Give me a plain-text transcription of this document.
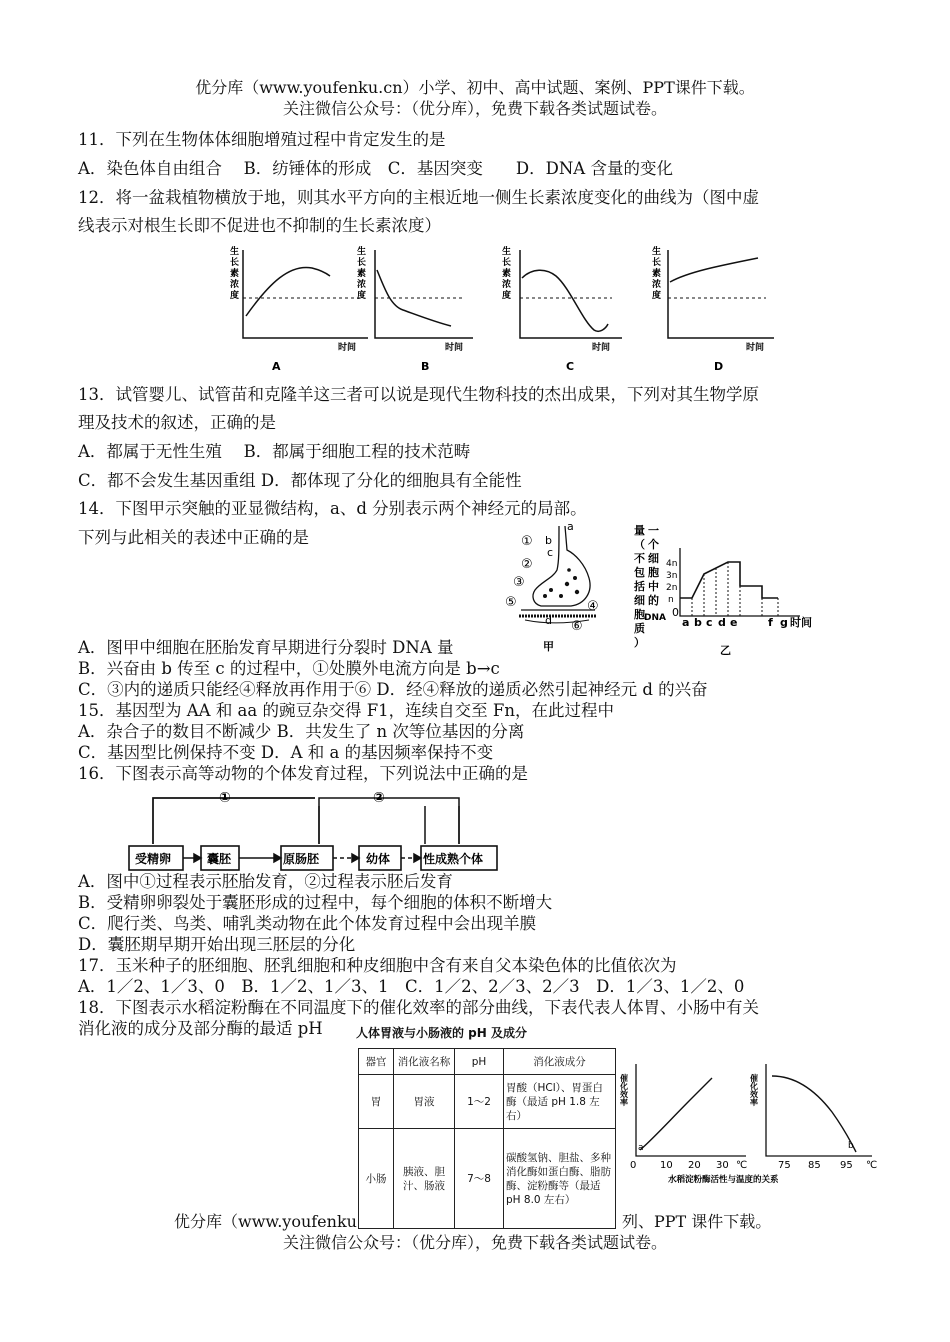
优分库（www.youfenku.cn）小学、初中、高中试题、案例、PPT课件下载。
关注微信公众号：（优分库），免费下载各类试题试卷。
11．下列在生物体体细胞增殖过程中肯定发生的是
A．染色体自由组合　 B．纺锤体的形成　C．基因突变　　D．DNA 含量的变化
12．将一盆栽植物横放于地，则其水平方向的主根近地一侧生长素浓度变化的曲线为（图中虚
线表示对根生长即不促进也不抑制的生长素浓度）
生
长
素
浓
度
时间
A
生
长
素
浓
度
时间
B
生
长
素
浓
度
时间
C
生
长
素
浓
度
时间
D
13．试管婴儿、试管苗和克隆羊这三者可以说是现代生物科技的杰出成果，下列对其生物学原
理及技术的叙述，正确的是
A．都属于无性生殖　 B．都属于细胞工程的技术范畴
C．都不会发生基因重组 D．都体现了分化的细胞具有全能性
14．下图甲示突触的亚显微结构，a、d 分别表示两个神经元的局部。
下列与此相关的表述中正确的是
a
b
c
d
①
②
③
④
⑤
⑥
甲
量
（
不
包
括
细
胞
质
）
一
个
细
胞
中
的
DNA
4n
3n
2n
n
0
a b c d e	f g 时间
乙
A．图甲中细胞在胚胎发育早期进行分裂时 DNA 量
B．兴奋由 b 传至 c 的过程中，①处膜外电流方向是 b→c
C．③内的递质只能经④释放再作用于⑥ D．经④释放的递质必然引起神经元 d 的兴奋
15．基因型为 AA 和 aa 的豌豆杂交得 F1，连续自交至 Fn，在此过程中
A．杂合子的数目不断减少 B．共发生了 n 次等位基因的分离
C．基因型比例保持不变 D．A 和 a 的基因频率保持不变
16．下图表示高等动物的个体发育过程，下列说法中正确的是
①	②
受精卵	囊胚	原肠胚	幼体	性成熟个体
A．图中①过程表示胚胎发育，②过程表示胚后发育
B．受精卵卵裂处于囊胚形成的过程中，每个细胞的体积不断增大
C．爬行类、鸟类、哺乳类动物在此个体发育过程中会出现羊膜
D．囊胚期早期开始出现三胚层的分化
17．玉米种子的胚细胞、胚乳细胞和种皮细胞中含有来自父本染色体的比值依次为
A．1／2、1／3、0　B．1／2、1／3、1　C．1／2、2／3、2／3　D．1／3、1／2、0
18．下图表示水稻淀粉酶在不同温度下的催化效率的部分曲线，下表代表人体胃、小肠中有关
消化液的成分及部分酶的最适 pH	人体胃液与小肠液的 pH 及成分
器官	消化液名称	pH	消化液成分
胃	胃液	1～2	胃酸（HCl）、胃蛋白酶（最适 pH 1.8 左右）
小肠	胰液、胆汁、肠液	7～8	碳酸氢钠、胆盐、多种消化酶如蛋白酶、脂肪酶、淀粉酶等（最适 pH 8.0 左右）
催化效率	催化效率
a	b
0 10 20 30 ℃	75 85 95 ℃
水稻淀粉酶活性与温度的关系
优分库（www.youfenku	列、PPT 课件下载。
关注微信公众号：（优分库），免费下载各类试题试卷。
